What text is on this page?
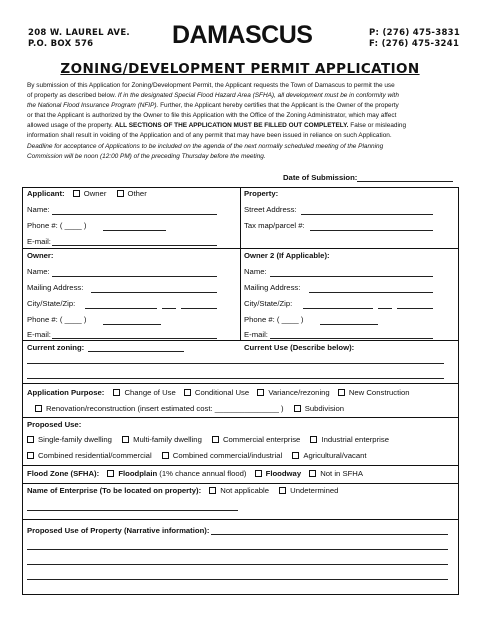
208 W. LAUREL AVE.
P.O. BOX 576	DAMASCUS	P: (276) 475-3831
F: (276) 475-3241
ZONING/DEVELOPMENT PERMIT APPLICATION

By submission of this Application for Zoning/Development Permit, the Applicant requests the Town of Damascus to permit the use

of property as described below. If in the designated Special Flood Hazard Area (SFHA), all development must be in conformity with

the National Flood Insurance Program (NFIP). Further, the Applicant hereby certifies that the Applicant is the Owner of the property

or that the Applicant is authorized by the Owner to file this Application with the Office of the Zoning Administrator, which may affect

allowed usage of the property. ALL SECTIONS OF THE APPLICATION MUST BE FILLED OUT COMPLETELY. False or misleading

information shall result in voiding of the Application and of any permit that may have been issued in reliance on such Application.

Deadline for acceptance of Applications to be included on the agenda of the next normally scheduled meeting of the Planning

Commission will be noon (12:00 PM) of the preceding Thursday before the meeting.

Date of Submission:
Applicant: Owner	Other
Name:
Phone #: ( ____ )
E-mail:
Property:
Street Address:
Tax map/parcel #:
Owner:
Name:
Mailing Address:
City/State/Zip:
Phone #: ( ____ )
E-mail:
Owner 2 (If Applicable):
Name:
Mailing Address:
City/State/Zip:
Phone #: ( ____ )
E-mail:
Current zoning:	Current Use (Describe below):
Application Purpose:	Change of Use Conditional Use Variance/rezoning New Construction
Renovation/reconstruction (insert estimated cost: _______________ )	Subdivision
Proposed Use:
Single-family dwelling	Multi-family dwelling	Commercial enterprise	Industrial enterprise
Combined residential/commercial	Combined commercial/industrial	Agricultural/vacant
Flood Zone (SFHA): Floodplain (1% chance annual flood) Floodway Not in SFHA
Name of Enterprise (To be located on property): Not applicable	Undetermined
Proposed Use of Property (Narrative information):
